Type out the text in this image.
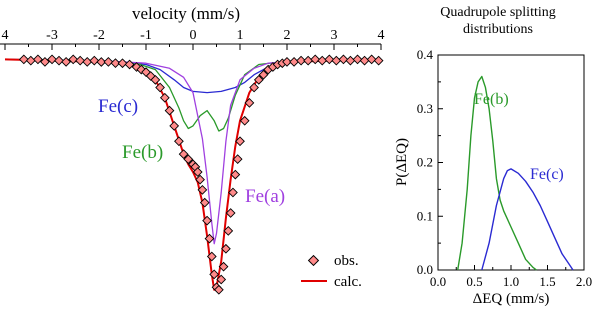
velocity (mm/s)
4	-3	-2	-1	0	1	2	3	4
Fe(c)
Fe(b)
Fe(a)
obs.
calc.
Quadrupole splitting
distributions
0.0 0.5 1.0 1.5 2.0
0.0
0.1
0.2
0.3
0.4
Fe(b)
Fe(c)
ΔEQ (mm/s)
P(ΔEQ)
